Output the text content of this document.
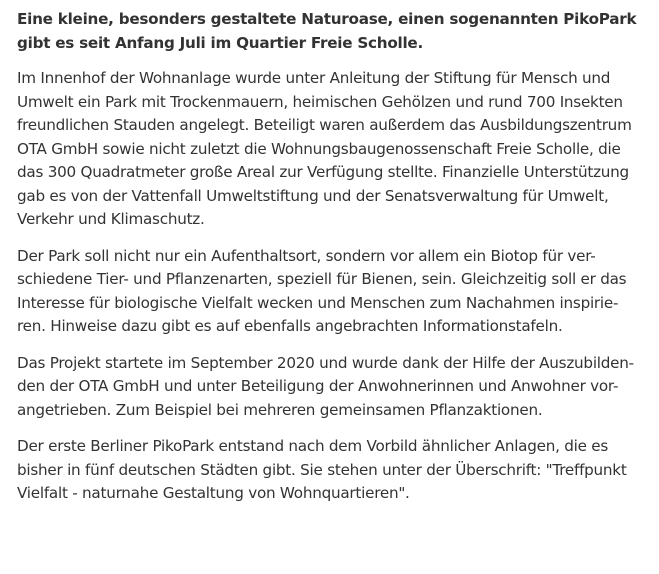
Eine kleine, besonders gestaltete Naturoase, einen sogenannten PikoPark
gibt es seit Anfang Juli im Quartier Freie Scholle.

Im Innenhof der Wohnanlage wurde unter Anleitung der Stiftung für Mensch und
Umwelt ein Park mit Trockenmauern, heimischen Gehölzen und rund 700 Insekten
freundlichen Stauden angelegt. Beteiligt waren außerdem das Ausbildungszentrum
OTA GmbH sowie nicht zuletzt die Wohnungsbaugenossenschaft Freie Scholle, die
das 300 Quadratmeter große Areal zur Verfügung stellte. Finanzielle Unterstützung
gab es von der Vattenfall Umweltstiftung und der Senatsverwaltung für Umwelt,
Verkehr und Klimaschutz.

Der Park soll nicht nur ein Aufenthaltsort, sondern vor allem ein Biotop für ver-
schiedene Tier- und Pflanzenarten, speziell für Bienen, sein. Gleichzeitig soll er das
Interesse für biologische Vielfalt wecken und Menschen zum Nachahmen inspirie-
ren. Hinweise dazu gibt es auf ebenfalls angebrachten Informationstafeln.

Das Projekt startete im September 2020 und wurde dank der Hilfe der Auszubilden-
den der OTA GmbH und unter Beteiligung der Anwohnerinnen und Anwohner vor-
angetrieben. Zum Beispiel bei mehreren gemeinsamen Pflanzaktionen.

Der erste Berliner PikoPark entstand nach dem Vorbild ähnlicher Anlagen, die es
bisher in fünf deutschen Städten gibt. Sie stehen unter der Überschrift: "Treffpunkt
Vielfalt - naturnahe Gestaltung von Wohnquartieren".
